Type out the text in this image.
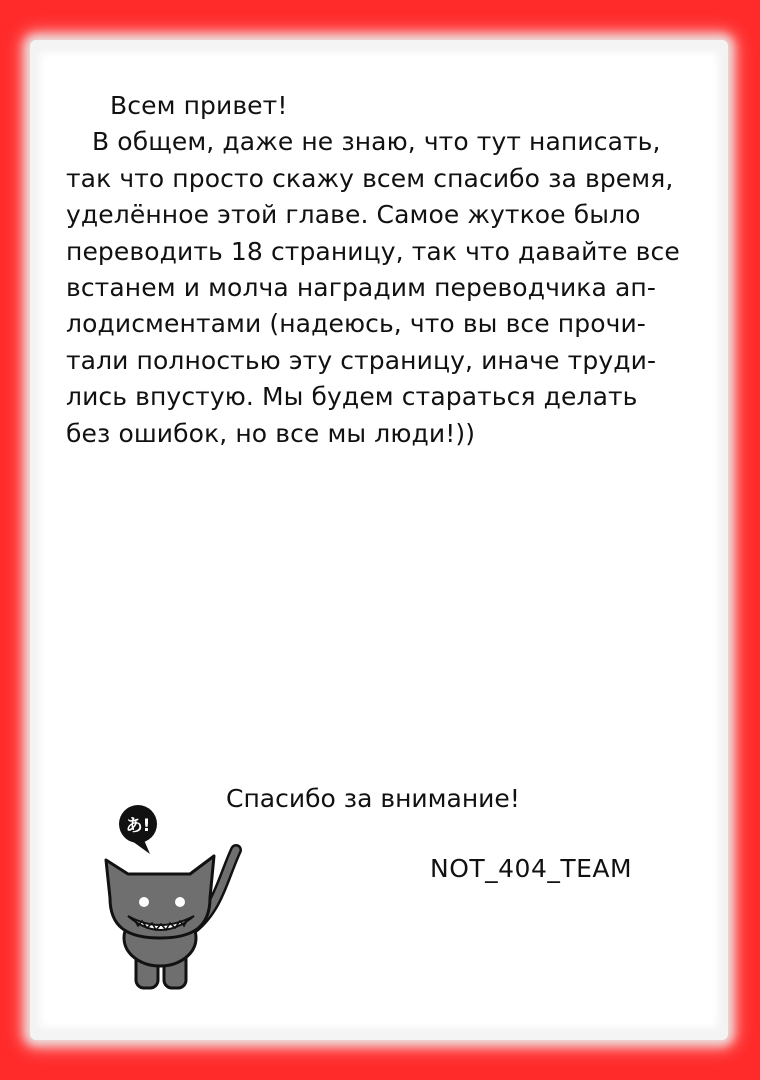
Всем привет!
В общем, даже не знаю, что тут написать,
так что просто скажу всем спасибо за время,
уделённое этой главе. Самое жуткое было
переводить 18 страницу, так что давайте все
встанем и молча наградим переводчика ап-
лодисментами (надеюсь, что вы все прочи-
тали полностью эту страницу, иначе труди-
лись впустую. Мы будем стараться делать
без ошибок, но все мы люди!))
Спасибо за внимание!
NOT_404_TEAM
あ!
